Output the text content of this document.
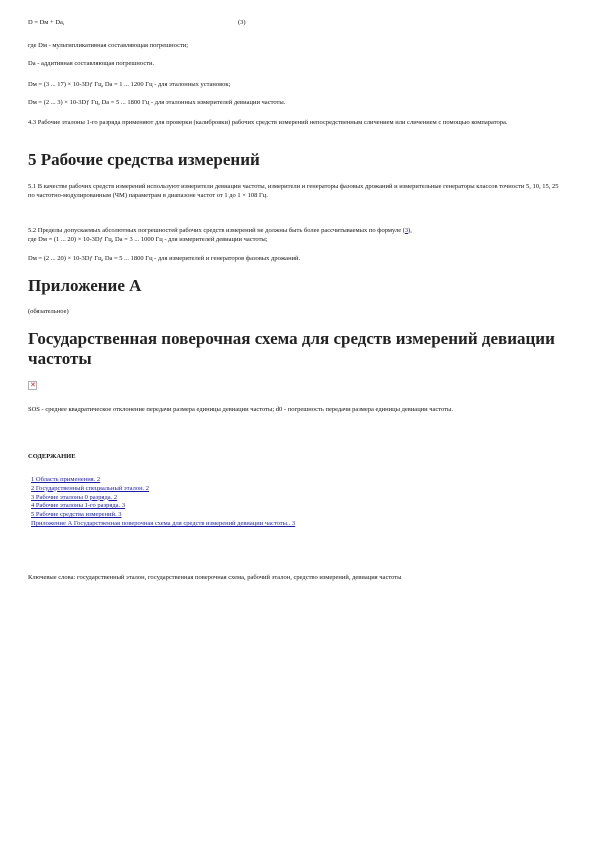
D = Dм + Dа,	(3)

где Dм - мультипликативная составляющая погрешности;

Dа - аддитивная составляющая погрешности.

Dм = (3 ... 17) × 10-3Dƒ Гц, Dа = 1 ... 1200 Гц - для эталонных установок;

Dм = (2 ... 3) × 10-3Dƒ Гц, Dа = 5 ... 1800 Гц - для эталонных измерителей девиации частоты.

4.3 Рабочие эталоны 1-го разряда применяют для проверки (калибровки) рабочих средств измерений непосредственным сличением или сличением с помощью компаратора.

5 Рабочие средства измерений

5.1 В качестве рабочих средств измерений используют измерители девиации частоты, измерители и генераторы фазовых дрожаний и измерительные генераторы классов точности 5, 10, 15, 25 по частотно-модулированным (ЧМ) параметрам в диапазоне частот от 1 до 1 × 108 Гц.

5.2 Пределы допускаемых абсолютных погрешностей рабочих средств измерений не должны быть более рассчитываемых по формуле (3),

где Dм = (1 ... 20) × 10-3Dƒ Гц, Dа = 3 ... 1000 Гц - для измерителей девиации частоты;

Dм = (2 ... 20) × 10-3Dƒ Гц, Dа = 5 ... 1800 Гц - для измерителей и генераторов фазовых дрожаний.

Приложение А

(обязательное)

Государственная поверочная схема для средств измерений девиации частоты
✕

SОS - среднее квадратическое отклонение передачи размера единицы девиации частоты; d0 - погрешность передачи размера единицы девиации частоты.

СОДЕРЖАНИЕ
1 Область применения. 2
2 Государственный специальный эталон. 2
3 Рабочие эталоны 0 разряда. 2
4 Рабочие эталоны 1-го разряда. 3
5 Рабочие средства измерений. 3
Приложение А Государственная поверочная схема для средств измерений девиации частоты.. 3

Ключевые слова: государственный эталон, государственная поверочная схема, рабочий эталон, средство измерений, девиация частоты
